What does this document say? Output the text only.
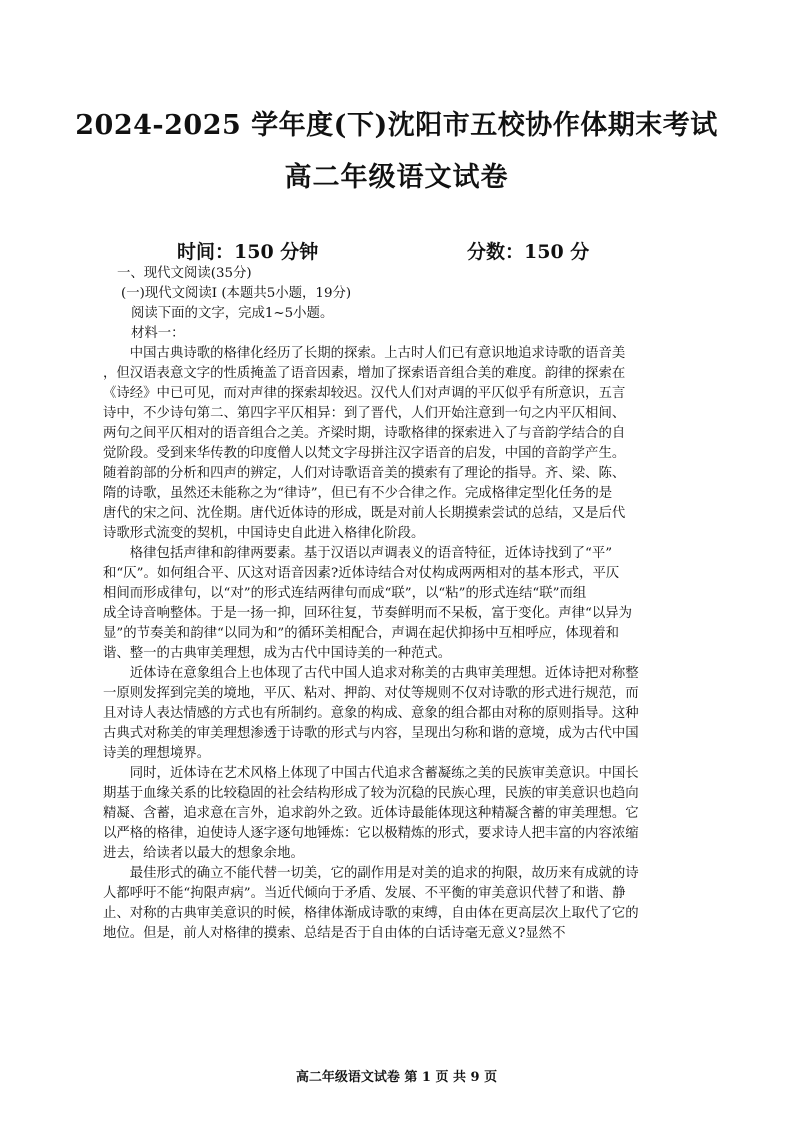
2024-2025 学年度(下)沈阳市五校协作体期末考试
高二年级语文试卷
时间：150 分钟	分数：150 分
一、现代文阅读(35分)
(一)现代文阅读Ⅰ (本题共5小题，19分)
阅读下面的文字，完成1~5小题。
材料一：
　　中国古典诗歌的格律化经历了长期的探索。上古时人们已有意识地追求诗歌的语音美
，但汉语表意文字的性质掩盖了语音因素，增加了探索语音组合美的难度。韵律的探索在
《诗经》中已可见，而对声律的探索却较迟。汉代人们对声调的平仄似乎有所意识，五言
诗中，不少诗句第二、第四字平仄相异：到了晋代，人们开始注意到一句之内平仄相间、
两句之间平仄相对的语音组合之美。齐梁时期，诗歌格律的探索进入了与音韵学结合的自
觉阶段。受到来华传教的印度僧人以梵文字母拼注汉字语音的启发，中国的音韵学产生。
随着韵部的分析和四声的辨定，人们对诗歌语音美的摸索有了理论的指导。齐、梁、陈、
隋的诗歌，虽然还未能称之为“律诗”，但已有不少合律之作。完成格律定型化任务的是
唐代的宋之问、沈佺期。唐代近体诗的形成，既是对前人长期摸索尝试的总结，又是后代
诗歌形式流变的契机，中国诗史自此进入格律化阶段。
　　格律包括声律和韵律两要素。基于汉语以声调表义的语音特征，近体诗找到了“平”
和“仄”。如何组合平、仄这对语音因素?近体诗结合对仗构成两两相对的基本形式，平仄
相间而形成律句，以“对”的形式连结两律句而成“联”，以“粘”的形式连结“联”而组
成全诗音响整体。于是一扬一抑，回环往复，节奏鲜明而不呆板，富于变化。声律“以异为
显”的节奏美和韵律“以同为和”的循环美相配合，声调在起伏抑扬中互相呼应，体现着和
谐、整一的古典审美理想，成为古代中国诗美的一种范式。
　　近体诗在意象组合上也体现了古代中国人追求对称美的古典审美理想。近体诗把对称整
一原则发挥到完美的境地，平仄、粘对、押韵、对仗等规则不仅对诗歌的形式进行规范，而
且对诗人表达情感的方式也有所制约。意象的构成、意象的组合都由对称的原则指导。这种
古典式对称美的审美理想渗透于诗歌的形式与内容，呈现出匀称和谐的意境，成为古代中国
诗美的理想境界。
　　同时，近体诗在艺术风格上体现了中国古代追求含蓄凝练之美的民族审美意识。中国长
期基于血缘关系的比较稳固的社会结构形成了较为沉稳的民族心理，民族的审美意识也趋向
精凝、含蓄，追求意在言外，追求韵外之致。近体诗最能体现这种精凝含蓄的审美理想。它
以严格的格律，迫使诗人逐字逐句地锤炼：它以极精炼的形式，要求诗人把丰富的内容浓缩
进去，给读者以最大的想象余地。
　　最佳形式的确立不能代替一切美，它的副作用是对美的追求的拘限，故历来有成就的诗
人都呼吁不能“拘限声病”。当近代倾向于矛盾、发展、不平衡的审美意识代替了和谐、静
止、对称的古典审美意识的时候，格律体渐成诗歌的束缚，自由体在更高层次上取代了它的
地位。但是，前人对格律的摸索、总结是否于自由体的白话诗毫无意义?显然不
高二年级语文试卷 第 1 页 共 9 页
